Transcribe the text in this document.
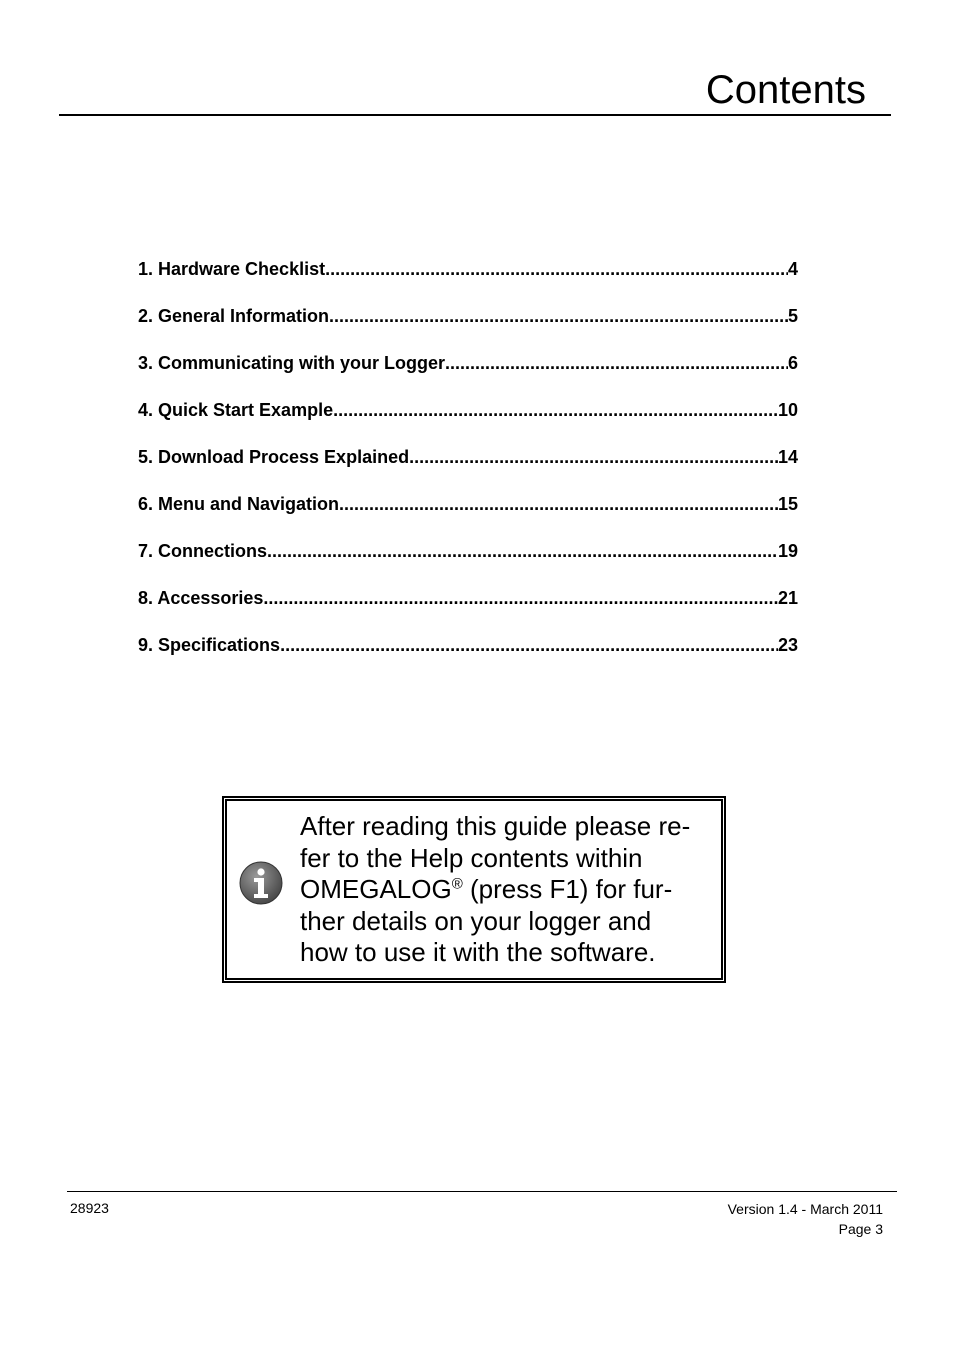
Contents
1. Hardware Checklist .....	4
2. General Information .....	5
3. Communicating with your Logger .....	6
4. Quick Start Example .....	10
5. Download Process Explained .....	14
6. Menu and Navigation .....	15
7. Connections .....	19
8. Accessories .....	21
9. Specifications .....	23
After reading this guide please re-
fer to the Help contents within
OMEGALOG® (press F1) for fur-
ther details on your logger and
how to use it with the software.
28923	Version 1.4 - March 2011
Page 3
